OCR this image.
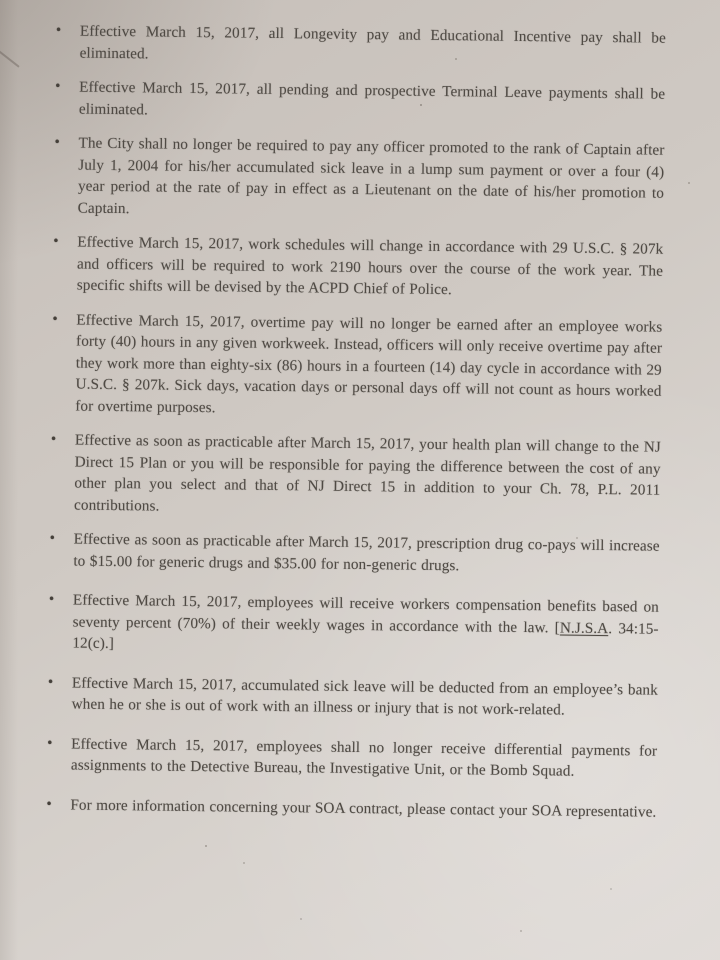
•	Effective March 15, 2017, all Longevity pay and Educational Incentive pay shall be eliminated.
•	Effective March 15, 2017, all pending and prospective Terminal Leave payments shall be eliminated.
•	The City shall no longer be required to pay any officer promoted to the rank of Captain after July 1, 2004 for his/her accumulated sick leave in a lump sum payment or over a four (4) year period at the rate of pay in effect as a Lieutenant on the date of his/her promotion to Captain.
•	Effective March 15, 2017, work schedules will change in accordance with 29 U.S.C. § 207k and officers will be required to work 2190 hours over the course of the work year. The specific shifts will be devised by the ACPD Chief of Police.
•	Effective March 15, 2017, overtime pay will no longer be earned after an employee works forty (40) hours in any given workweek. Instead, officers will only receive overtime pay after they work more than eighty-six (86) hours in a fourteen (14) day cycle in accordance with 29 U.S.C. § 207k. Sick days, vacation days or personal days off will not count as hours worked for overtime purposes.
•	Effective as soon as practicable after March 15, 2017, your health plan will change to the NJ Direct 15 Plan or you will be responsible for paying the difference between the cost of any other plan you select and that of NJ Direct 15 in addition to your Ch. 78, P.L. 2011 contributions.
•	Effective as soon as practicable after March 15, 2017, prescription drug co-pays will increase to $15.00 for generic drugs and $35.00 for non-generic drugs.
•	Effective March 15, 2017, employees will receive workers compensation benefits based on seventy percent (70%) of their weekly wages in accordance with the law. [N.J.S.A. 34:15-12(c).]
•	Effective March 15, 2017, accumulated sick leave will be deducted from an employee’s bank when he or she is out of work with an illness or injury that is not work-related.
•	Effective March 15, 2017, employees shall no longer receive differential payments for assignments to the Detective Bureau, the Investigative Unit, or the Bomb Squad.
•	For more information concerning your SOA contract, please contact your SOA representative.
